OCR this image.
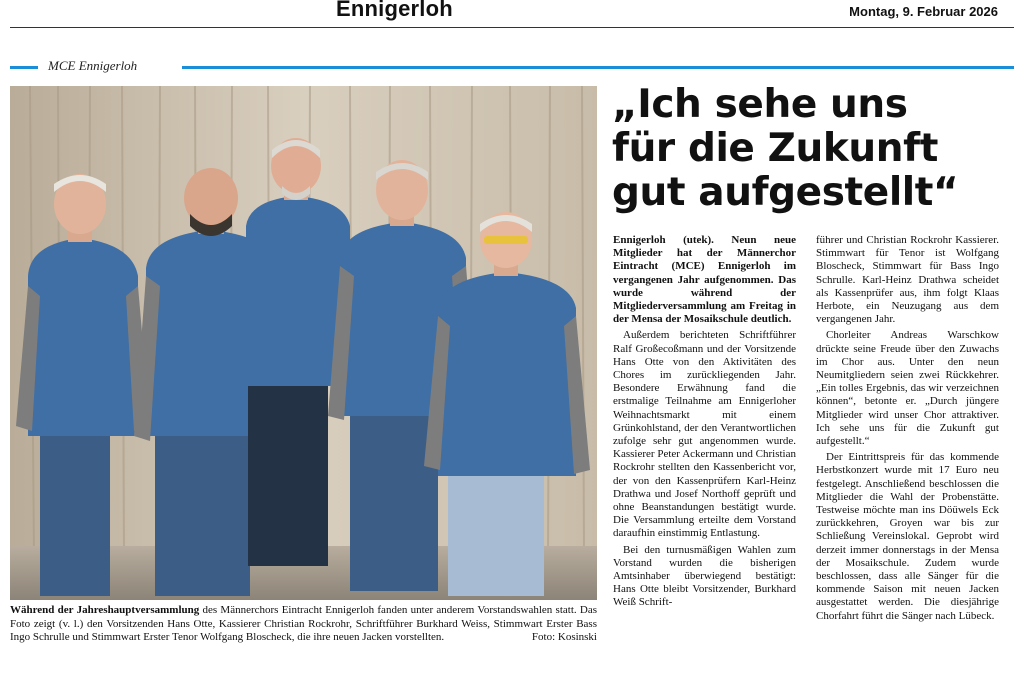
Ennigerloh	Montag, 9. Februar 2026
MCE Ennigerloh
Während der Jahreshauptversammlung des Männerchors Eintracht Ennigerloh fanden unter anderem Vorstandswahlen statt. Das Foto zeigt (v. l.) den Vorsitzenden Hans Otte, Kassierer Christian Rockrohr, Schriftführer Burkhard Weiss, Stimmwart Erster Bass Ingo Schrulle und Stimmwart Erster Tenor Wolfgang Bloscheck, die ihre neuen Jacken vorstellten.	Foto: Kosinski
„Ich sehe uns
für die Zukunft
gut aufgestellt“

Ennigerloh (utek). Neun neue Mitglieder hat der Männerchor Eintracht (MCE) Ennigerloh im vergangenen Jahr aufgenommen. Das wurde während der Mitgliederversammlung am Freitag in der Mensa der Mosaikschule deutlich.

Außerdem berichteten Schriftführer Ralf Großecoßmann und der Vorsitzende Hans Otte von den Aktivitäten des Chores im zurückliegenden Jahr. Besondere Erwähnung fand die erstmalige Teilnahme am Ennigerloher Weihnachtsmarkt mit einem Grünkohlstand, der den Verantwortlichen zufolge sehr gut angenommen wurde. Kassierer Peter Ackermann und Christian Rockrohr stellten den Kassenbericht vor, der von den Kassenprüfern Karl-Heinz Drathwa und Josef Northoff geprüft und ohne Beanstandungen bestätigt wurde. Die Versammlung erteilte dem Vorstand daraufhin einstimmig Entlastung.

Bei den turnusmäßigen Wahlen zum Vorstand wurden die bisherigen Amtsinhaber überwiegend bestätigt: Hans Otte bleibt Vorsitzender, Burkhard Weiß Schrift-

führer und Christian Rockrohr Kassierer. Stimmwart für Tenor ist Wolfgang Bloscheck, Stimmwart für Bass Ingo Schrulle. Karl-Heinz Drathwa scheidet als Kassenprüfer aus, ihm folgt Klaas Herbote, ein Neuzugang aus dem vergangenen Jahr.

Chorleiter Andreas Warschkow drückte seine Freude über den Zuwachs im Chor aus. Unter den neun Neumitgliedern seien zwei Rückkehrer. „Ein tolles Ergebnis, das wir verzeichnen können“, betonte er. „Durch jüngere Mitglieder wird unser Chor attraktiver. Ich sehe uns für die Zukunft gut aufgestellt.“

Der Eintrittspreis für das kommende Herbstkonzert wurde mit 17 Euro neu festgelegt. Anschließend beschlossen die Mitglieder die Wahl der Probenstätte. Testweise möchte man ins Döüwels Eck zurückkehren, Groyen war bis zur Schließung Vereinslokal. Geprobt wird derzeit immer donnerstags in der Mensa der Mosaikschule. Zudem wurde beschlossen, dass alle Sänger für die kommende Saison mit neuen Jacken ausgestattet werden. Die diesjährige Chorfahrt führt die Sänger nach Lübeck.
